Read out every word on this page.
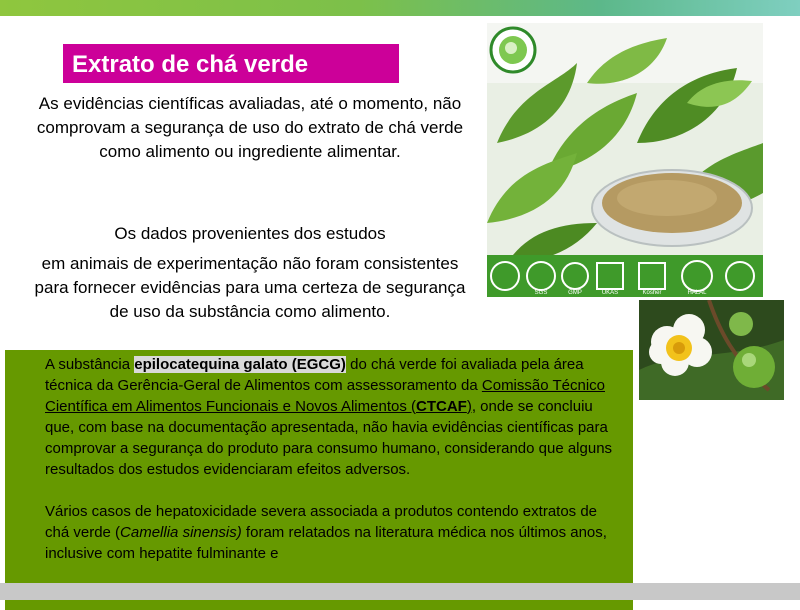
Extrato de chá verde

As evidências científicas avaliadas, até o momento, não comprovam a segurança de uso do extrato de chá verde como alimento ou ingrediente alimentar.

Os dados provenientes dos estudos
em animais de experimentação não foram consistentes para fornecer evidências para uma certeza de segurança de uso da substância como alimento.
SGS	GMP	UKAS	Kosher	HALAL

A substância epilocatequina galato (EGCG) do chá verde foi avaliada pela área técnica da Gerência-Geral de Alimentos com assessoramento da Comissão Técnico Científica em Alimentos Funcionais e Novos Alimentos (CTCAF), onde se concluiu que, com base na documentação apresentada, não havia evidências científicas para comprovar a segurança do produto para consumo humano, considerando que alguns resultados dos estudos evidenciaram efeitos adversos.

Vários casos de hepatoxicidade severa associada a produtos contendo extratos de chá verde (Camellia sinensis) foram relatados na literatura médica nos últimos anos, inclusive com hepatite fulminante e
